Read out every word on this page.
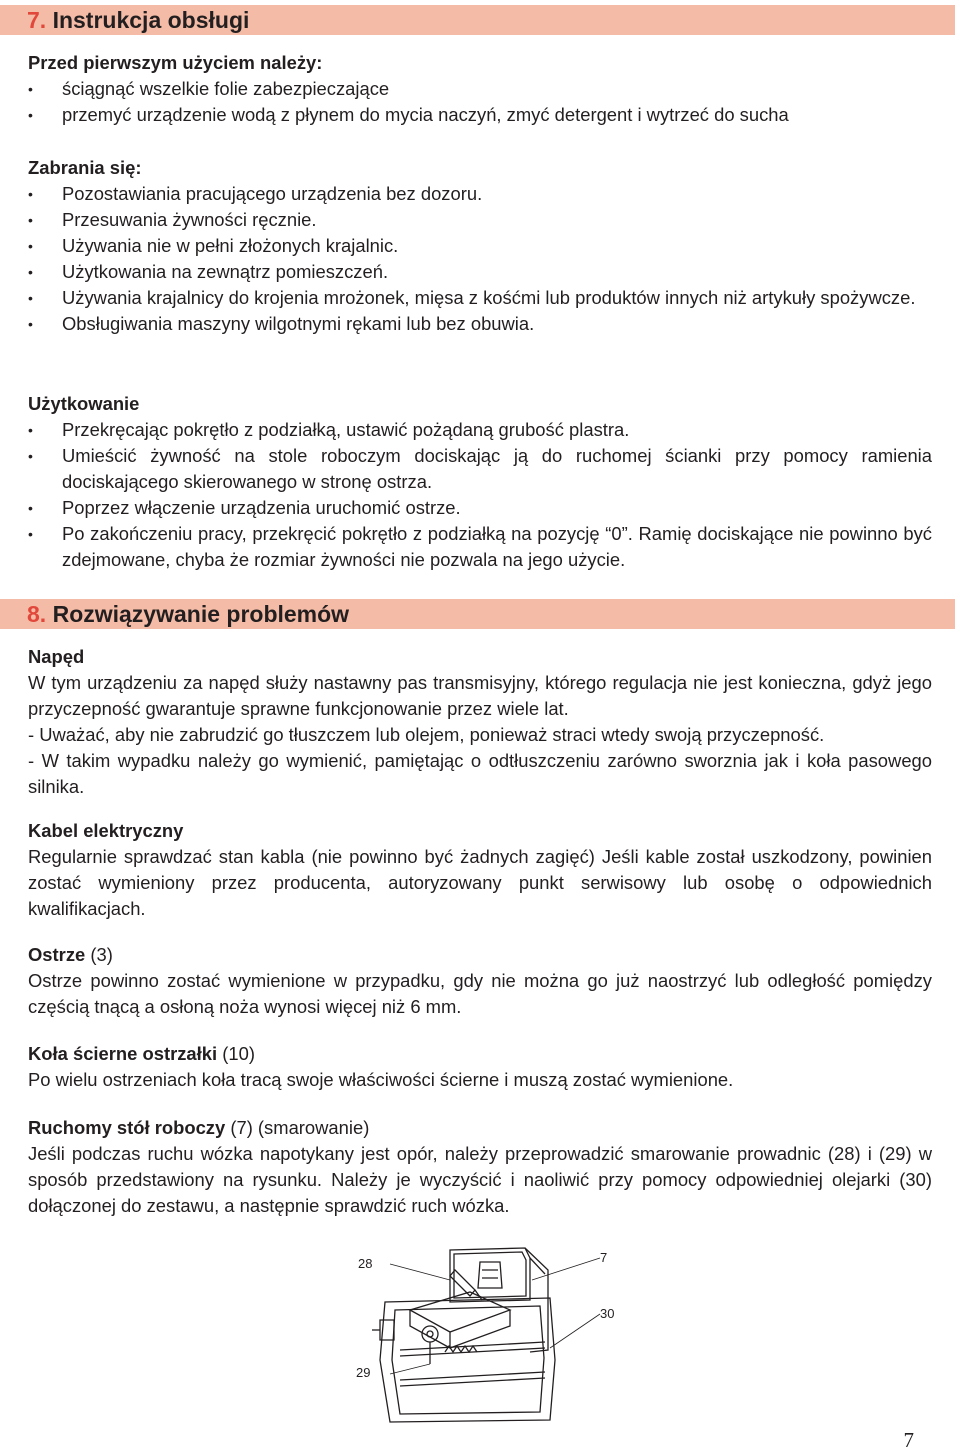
7. Instrukcja obsługi
Przed pierwszym użyciem należy:
• ściągnąć wszelkie folie zabezpieczające
• przemyć urządzenie wodą z płynem do mycia naczyń, zmyć detergent i wytrzeć do sucha
Zabrania się:
• Pozostawiania pracującego urządzenia bez dozoru.
• Przesuwania żywności ręcznie.
• Używania nie w pełni złożonych krajalnic.
• Użytkowania na zewnątrz pomieszczeń.
• Używania krajalnicy do krojenia mrożonek, mięsa z kośćmi lub produktów innych niż artykuły spożywcze.
• Obsługiwania maszyny wilgotnymi rękami lub bez obuwia.
Użytkowanie
• Przekręcając pokrętło z podziałką, ustawić pożądaną grubość plastra.
• Umieścić żywność na stole roboczym dociskając ją do ruchomej ścianki przy pomocy ramienia dociskającego skierowanego w stronę ostrza.
• Poprzez włączenie urządzenia uruchomić ostrze.
• Po zakończeniu pracy, przekręcić pokrętło z podziałką na pozycję “0”. Ramię dociskające nie powinno być zdejmowane, chyba że rozmiar żywności nie pozwala na jego użycie.
8. Rozwiązywanie problemów
Napęd
W tym urządzeniu za napęd służy nastawny pas transmisyjny, którego regulacja nie jest konieczna, gdyż jego przyczepność gwarantuje sprawne funkcjonowanie przez wiele lat.
- Uważać, aby nie zabrudzić go tłuszczem lub olejem, ponieważ straci wtedy swoją przyczepność.
- W takim wypadku należy go wymienić, pamiętając o odtłuszczeniu zarówno sworznia jak i koła pasowego silnika.
Kabel elektryczny
Regularnie sprawdzać stan kabla (nie powinno być żadnych zagięć) Jeśli kable został uszkodzony, powinien zostać wymieniony przez producenta, autoryzowany punkt serwisowy lub osobę o odpowiednich kwalifikacjach.
Ostrze (3)
Ostrze powinno zostać wymienione w przypadku, gdy nie można go już naostrzyć lub odległość pomiędzy częścią tnącą a osłoną noża wynosi więcej niż 6 mm.
Koła ścierne ostrzałki (10)
Po wielu ostrzeniach koła tracą swoje właściwości ścierne i muszą zostać wymienione.
Ruchomy stół roboczy (7) (smarowanie)
Jeśli podczas ruchu wózka napotykany jest opór, należy przeprowadzić smarowanie prowadnic (28) i (29) w sposób przedstawiony na rysunku. Należy je wyczyścić i naoliwić przy pomocy odpowiedniej olejarki (30) dołączonej do zestawu, a następnie sprawdzić ruch wózka.
28	7
30
29
7
